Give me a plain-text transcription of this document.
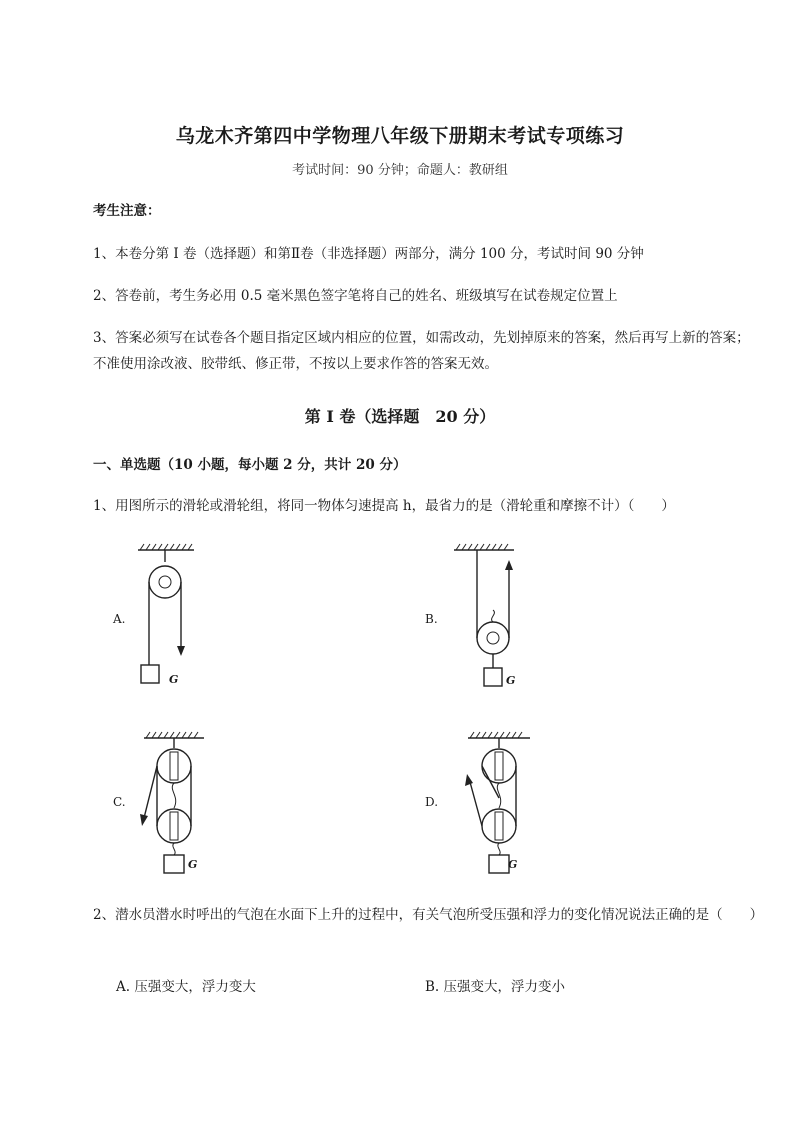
乌龙木齐第四中学物理八年级下册期末考试专项练习
考试时间：90 分钟；命题人：教研组
考生注意：
1、本卷分第 I 卷（选择题）和第Ⅱ卷（非选择题）两部分，满分 100 分，考试时间 90 分钟
2、答卷前，考生务必用 0.5 毫米黑色签字笔将自己的姓名、班级填写在试卷规定位置上
3、答案必须写在试卷各个题目指定区域内相应的位置，如需改动，先划掉原来的答案，然后再写上新的答案；不准使用涂改液、胶带纸、修正带，不按以上要求作答的答案无效。
第 I 卷（选择题　20 分）
一、单选题（10 小题，每小题 2 分，共计 20 分）
1、用图所示的滑轮或滑轮组，将同一物体匀速提高 h，最省力的是（滑轮重和摩擦不计）（　　）
A.	B.
C.	D.
G	G
G	G
2、潜水员潜水时呼出的气泡在水面下上升的过程中，有关气泡所受压强和浮力的变化情况说法正确的是（　　）
A. 压强变大，浮力变大	B. 压强变大，浮力变小
